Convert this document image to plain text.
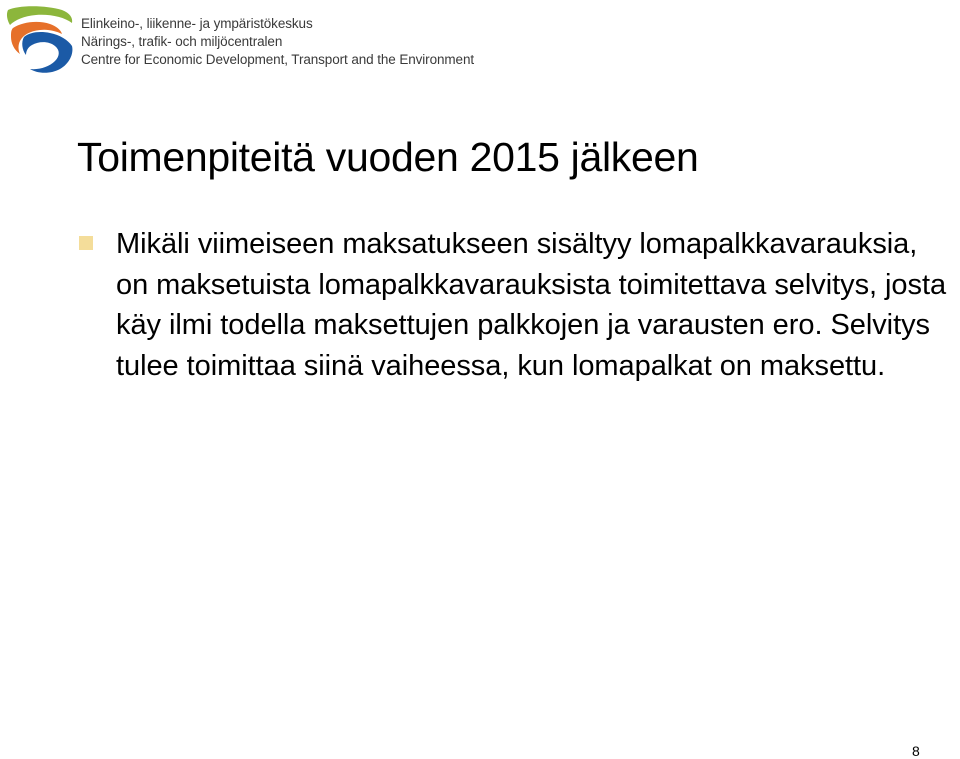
Elinkeino-, liikenne- ja ympäristökeskus
Närings-, trafik- och miljöcentralen
Centre for Economic Development, Transport and the Environment
Toimenpiteitä vuoden 2015 jälkeen
Mikäli viimeiseen maksatukseen sisältyy lomapalkkavarauksia, on maksetuista lomapalkkavarauksista toimitettava selvitys, josta käy ilmi todella maksettujen palkkojen ja varausten ero. Selvitys tulee toimittaa siinä vaiheessa, kun lomapalkat on maksettu.
8
